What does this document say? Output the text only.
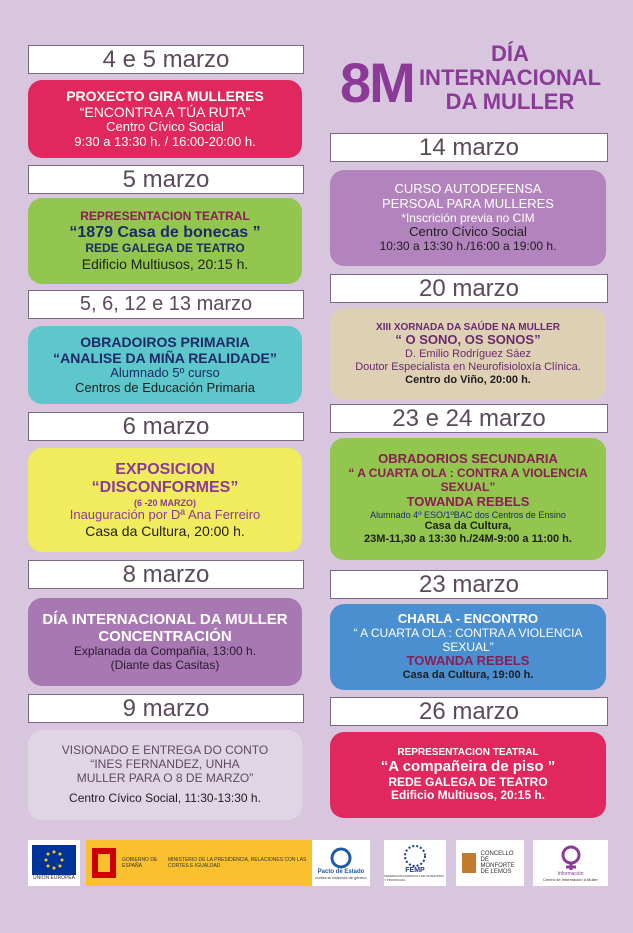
8M	DÍA
INTERNACIONAL
DA MULLER
4 e 5 marzo
PROXECTO GIRA MULLERES
“ENCONTRA A TÚA RUTA”
Centro Cívico Social
9:30 a 13:30 h. / 16:00-20:00 h.
5 marzo
REPRESENTACION TEATRAL
“1879 Casa de bonecas ”
REDE GALEGA DE TEATRO
Edificio Multiusos, 20:15 h.
5, 6, 12 e 13 marzo
OBRADOIROS PRIMARIA
“ANALISE DA MIÑA REALIDADE”
Alumnado 5º curso
Centros de Educación Primaria
6 marzo
EXPOSICION
“DISCONFORMES”
(6 -20 MARZO)
Inauguración por Dª Ana Ferreiro
Casa da Cultura, 20:00 h.
8 marzo
DÍA INTERNACIONAL DA MULLER
CONCENTRACIÓN
Explanada da Compañía, 13:00 h.
(Diante das Casitas)
9 marzo
VISIONADO E ENTREGA DO CONTO
“INES FERNANDEZ, UNHA
MULLER PARA O 8 DE MARZO”
Centro Cívico Social, 11:30-13:30 h.
14 marzo
CURSO AUTODEFENSA
PERSOAL PARA MULLERES
*Inscrición previa no CIM
Centro Cívico Social
10:30 a 13:30 h./16:00 a 19:00 h.
20 marzo
XIII XORNADA DA SAÚDE NA MULLER
“ O SONO, OS SONOS”
D. Emilio Rodríguez Sáez
Doutor Especialista en Neurofisioloxía Clínica.
Centro do Viño, 20:00 h.
23 e 24 marzo
OBRADORIOS SECUNDARIA
“ A CUARTA OLA : CONTRA A VIOLENCIA SEXUAL”
TOWANDA REBELS
Alumnado 4º ESO/1ºBAC dos Centros de Ensino
Casa da Cultura,
23M-11,30 a 13:30 h./24M-9:00 a 11:00 h.
23 marzo
CHARLA - ENCONTRO
“ A CUARTA OLA : CONTRA A VIOLENCIA SEXUAL”
TOWANDA REBELS
Casa da Cultura, 19:00 h.
26 marzo
REPRESENTACION TEATRAL
“A compañeira de piso ”
REDE GALEGA DE TEATRO
Edificio Multiusos, 20:15 h.
UNIÓN EUROPEA
GOBIERNO DE ESPAÑA
MINISTERIO DE LA PRESIDENCIA, RELACIONES CON LAS CORTES E IGUALDAD
Pacto de Estado
contra la violencia de género
FEMP
FEDERACIÓN ESPAÑOLA DE MUNICIPIOS Y PROVINCIAS
CONCELLO DE MONFORTE DE LEMOS	Información
Centro de Información á Muller
